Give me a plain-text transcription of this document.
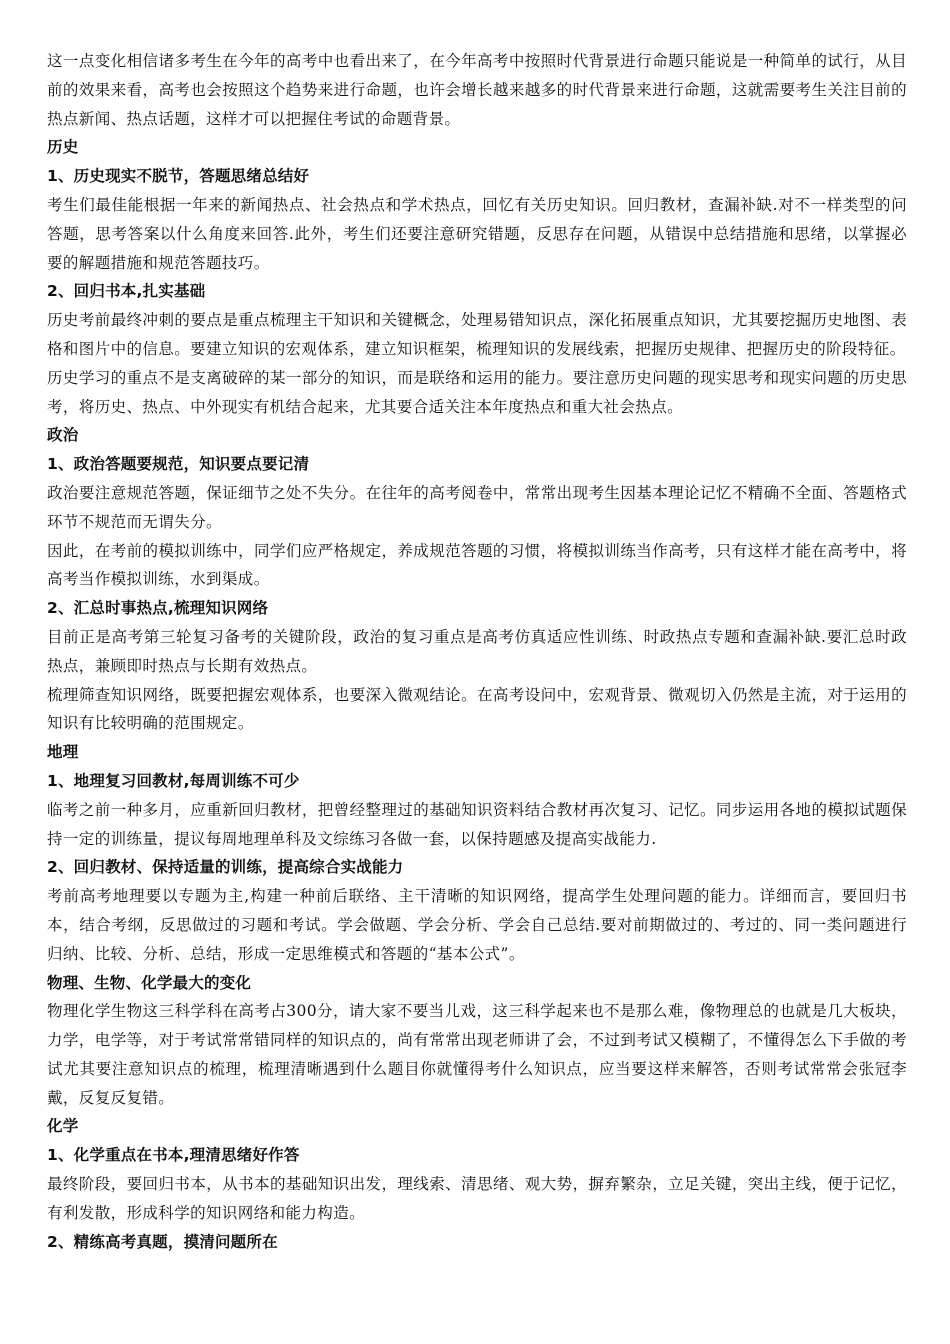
这一点变化相信诸多考生在今年的高考中也看出来了，在今年高考中按照时代背景进行命题只能说是一种简单的试行，从目前的效果来看，高考也会按照这个趋势来进行命题，也许会增长越来越多的时代背景来进行命题，这就需要考生关注目前的热点新闻、热点话题，这样才可以把握住考试的命题背景。

历史

1、历史现实不脱节，答题思绪总结好

考生们最佳能根据一年来的新闻热点、社会热点和学术热点，回忆有关历史知识。回归教材，查漏补缺.对不一样类型的问答题，思考答案以什么角度来回答.此外，考生们还要注意研究错题，反思存在问题，从错误中总结措施和思绪，以掌握必要的解题措施和规范答题技巧。

2、回归书本,扎实基础

历史考前最终冲刺的要点是重点梳理主干知识和关键概念，处理易错知识点，深化拓展重点知识，尤其要挖掘历史地图、表格和图片中的信息。要建立知识的宏观体系，建立知识框架，梳理知识的发展线索，把握历史规律、把握历史的阶段特征。

历史学习的重点不是支离破碎的某一部分的知识，而是联络和运用的能力。要注意历史问题的现实思考和现实问题的历史思考，将历史、热点、中外现实有机结合起来，尤其要合适关注本年度热点和重大社会热点。

政治

1、政治答题要规范，知识要点要记清

政治要注意规范答题，保证细节之处不失分。在往年的高考阅卷中，常常出现考生因基本理论记忆不精确不全面、答题格式环节不规范而无谓失分。

因此，在考前的模拟训练中，同学们应严格规定，养成规范答题的习惯，将模拟训练当作高考，只有这样才能在高考中，将高考当作模拟训练，水到渠成。

2、汇总时事热点,梳理知识网络

目前正是高考第三轮复习备考的关键阶段，政治的复习重点是高考仿真适应性训练、时政热点专题和查漏补缺.要汇总时政热点，兼顾即时热点与长期有效热点。

梳理筛查知识网络，既要把握宏观体系，也要深入微观结论。在高考设问中，宏观背景、微观切入仍然是主流，对于运用的知识有比较明确的范围规定。

地理

1、地理复习回教材,每周训练不可少

临考之前一种多月，应重新回归教材，把曾经整理过的基础知识资料结合教材再次复习、记忆。同步运用各地的模拟试题保持一定的训练量，提议每周地理单科及文综练习各做一套，以保持题感及提高实战能力.

2、回归教材、保持适量的训练，提高综合实战能力

考前高考地理要以专题为主,构建一种前后联络、主干清晰的知识网络，提高学生处理问题的能力。详细而言，要回归书本，结合考纲，反思做过的习题和考试。学会做题、学会分析、学会自己总结.要对前期做过的、考过的、同一类问题进行归纳、比较、分析、总结，形成一定思维模式和答题的“基本公式”。

物理、生物、化学最大的变化

物理化学生物这三科学科在高考占300分，请大家不要当儿戏，这三科学起来也不是那么难，像物理总的也就是几大板块，力学，电学等，对于考试常常错同样的知识点的，尚有常常出现老师讲了会，不过到考试又模糊了，不懂得怎么下手做的考试尤其要注意知识点的梳理，梳理清晰遇到什么题目你就懂得考什么知识点，应当要这样来解答，否则考试常常会张冠李戴，反复反复错。

化学

1、化学重点在书本,理清思绪好作答

最终阶段，要回归书本，从书本的基础知识出发，理线索、清思绪、观大势，摒弃繁杂，立足关键，突出主线，便于记忆，有利发散，形成科学的知识网络和能力构造。

2、精练高考真题，摸清问题所在
